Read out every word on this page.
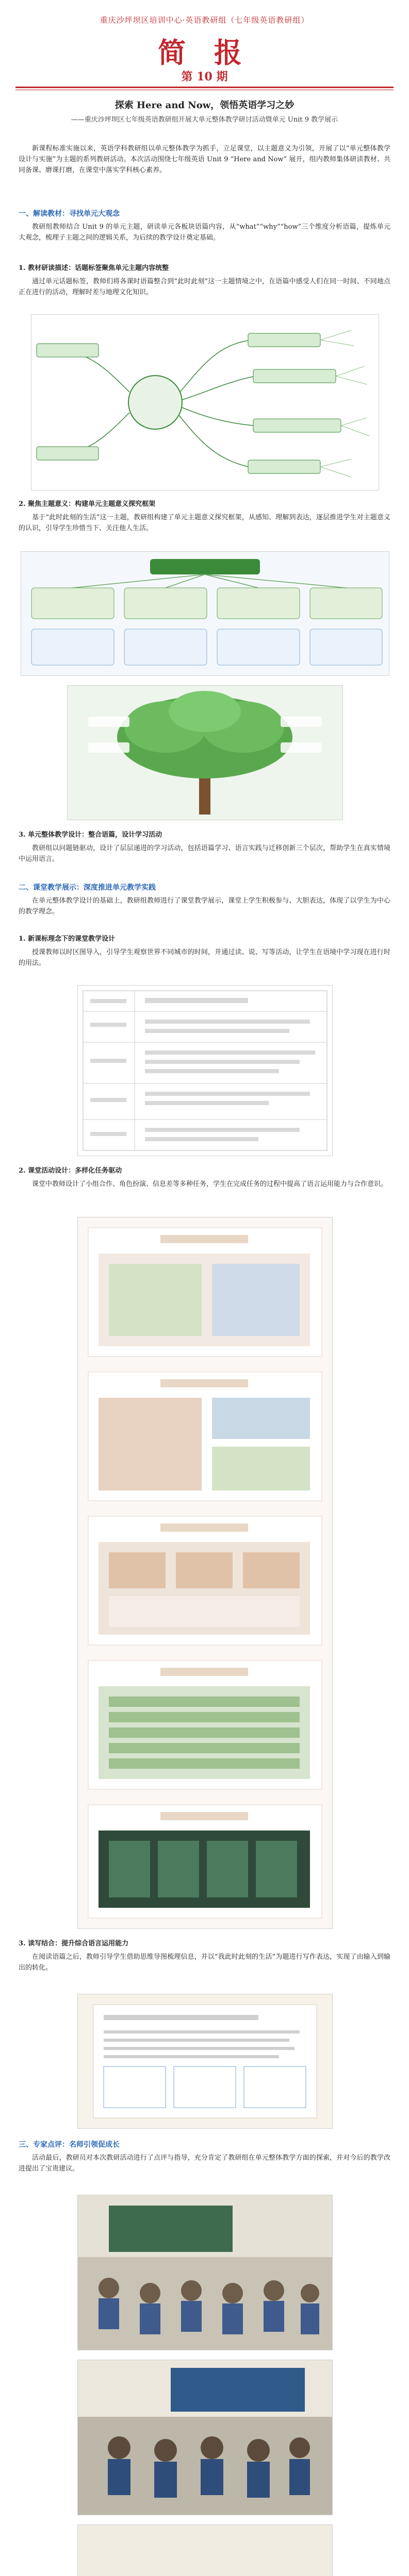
重庆沙坪坝区培训中心·英语教研组（七年级英语教研组）
简 报
第 10 期
探索 Here and Now，领悟英语学习之妙
——重庆沙坪坝区七年级英语教研组开展大单元整体教学研讨活动暨单元 Unit 9 教学展示
新课程标准实施以来，英语学科教研组以单元整体教学为抓手，立足课堂，以主题意义为引领，开展了以“单元整体教学设计与实施”为主题的系列教研活动。本次活动围绕七年级英语 Unit 9 “Here and Now” 展开，组内教师集体研读教材、共同备课、磨课打磨，在课堂中落实学科核心素养。
一、解读教材：寻找单元大观念
教研组教师结合 Unit 9 的单元主题，研读单元各板块语篇内容，从“what”“why”“how”三个维度分析语篇，提炼单元大观念，梳理子主题之间的逻辑关系，为后续的教学设计奠定基础。
1. 教材研读描述：话题标签聚焦单元主题内容统整
通过单元话题标签，教师们将各课时语篇整合到“此时此刻”这一主题情境之中，在语篇中感受人们在同一时间、不同地点正在进行的活动，理解时差与地理文化知识。
2. 聚焦主题意义：构建单元主题意义探究框架
基于“此时此刻的生活”这一主题，教研组构建了单元主题意义探究框架，从感知、理解到表达，逐层推进学生对主题意义的认识，引导学生珍惜当下、关注他人生活。
3. 单元整体教学设计：整合语篇，设计学习活动
教研组以问题链驱动，设计了层层递进的学习活动，包括语篇学习、语言实践与迁移创新三个层次，帮助学生在真实情境中运用语言。
二、课堂教学展示：深度推进单元教学实践
在单元整体教学设计的基础上，教研组教师进行了课堂教学展示，课堂上学生积极参与、大胆表达，体现了以学生为中心的教学理念。
1. 新课标理念下的课堂教学设计
授课教师以时区图导入，引导学生观察世界不同城市的时间，并通过读、说、写等活动，让学生在语境中学习现在进行时的用法。
2. 课堂活动设计：多样化任务驱动
课堂中教师设计了小组合作、角色扮演、信息差等多种任务，学生在完成任务的过程中提高了语言运用能力与合作意识。
3. 读写结合：提升综合语言运用能力
在阅读语篇之后，教师引导学生借助思维导图梳理信息，并以“我此时此刻的生活”为题进行写作表达，实现了由输入到输出的转化。
三、专家点评：名师引领促成长
活动最后，教研员对本次教研活动进行了点评与指导，充分肯定了教研组在单元整体教学方面的探索，并对今后的教学改进提出了宝贵建议。
